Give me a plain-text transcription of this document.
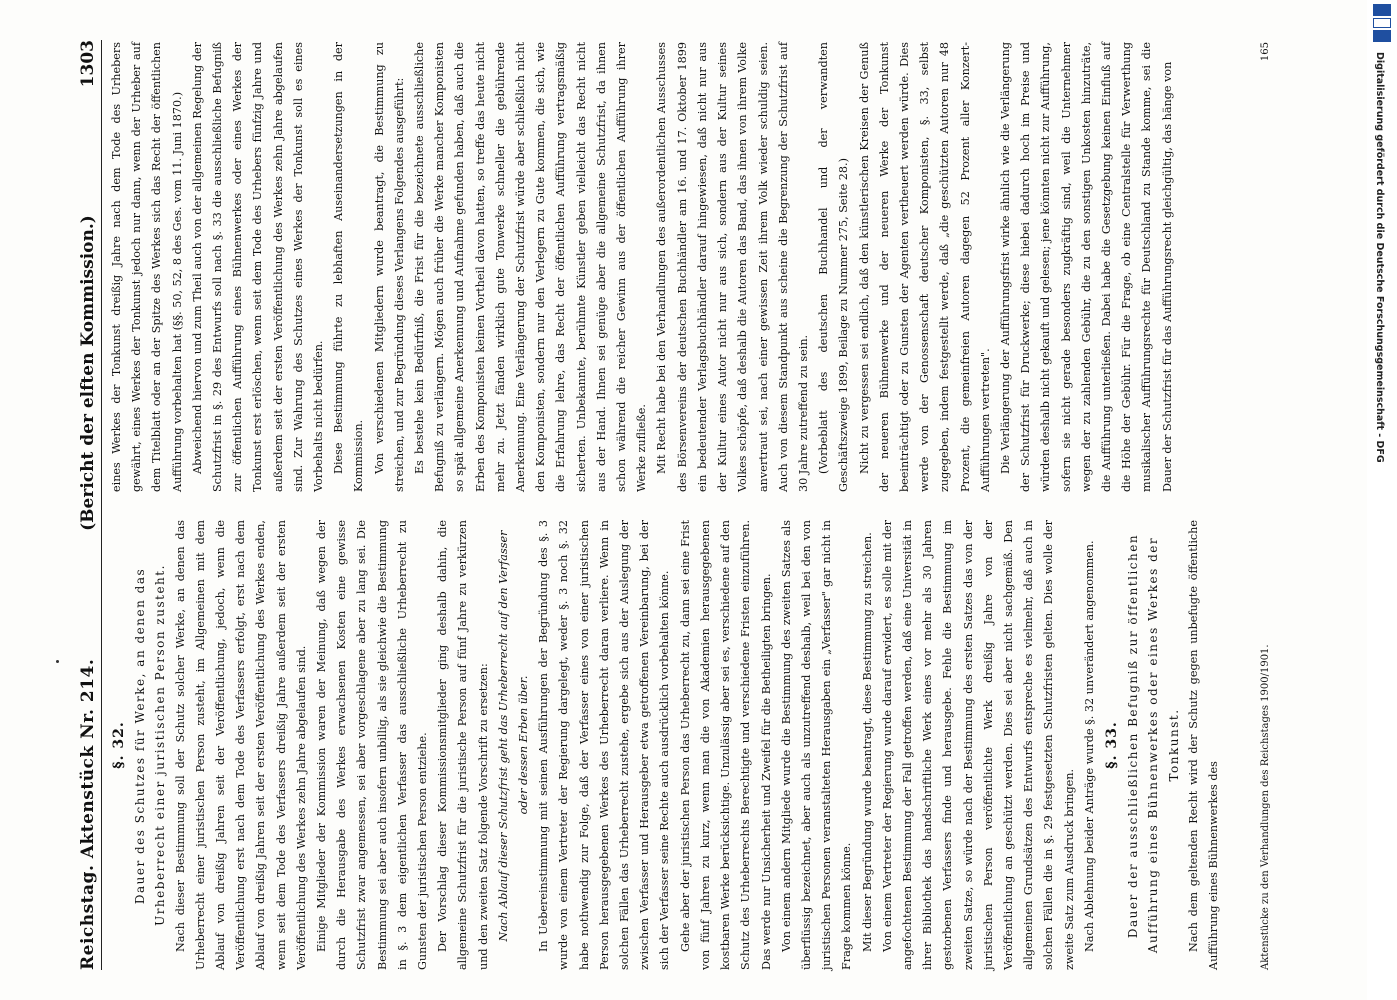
Reichstag. Aktenstück Nr. 214.
(Bericht der elften Kommission.)
1303
§. 32. Dauer des Schutzes für Werke, an denen das Urheberrecht einer juristischen Person zusteht. Nach dieser Bestimmung soll der Schutz solcher Werke, an denen das Urheberrecht einer juristischen Person zusteht, im Allgemeinen mit dem Ablauf von dreißig Jahren seit der Veröffentlichung, jedoch, wenn die Veröffentlichung erst nach dem Tode des Verfassers erfolgt, erst nach dem Ablauf von dreißig Jahren seit der ersten Veröffentlichung des Werkes enden, wenn seit dem Tode des Verfassers dreißig Jahre außerdem seit der ersten Veröffentlichung des Werkes zehn Jahre abgelaufen sind. Einige Mitglieder der Kommission waren der Meinung, daß wegen der durch die Herausgabe des Werkes erwachsenen Kosten eine gewisse Schutzfrist zwar angemessen, sei aber vorgeschlagene aber zu lang sei. Die Bestimmung sei aber auch insofern unbillig, als sie gleichwie die Bestimmung in §. 3 dem eigentlichen Verfasser das ausschließliche Urheberrecht zu Gunsten der juristischen Person entziehe. Der Vorschlag dieser Kommissionsmitglieder ging deshalb dahin, die allgemeine Schutzfrist für die juristische Person auf fünf Jahre zu verkürzen und den zweiten Satz folgende Vorschrift zu ersetzen: Nach Ablauf dieser Schutzfrist geht das Urheberrecht auf den Verfasser oder dessen Erben über. In Uebereinstimmung mit seinen Ausführungen der Begründung des §. 3 wurde von einem Vertreter der Regierung dargelegt, weder §. 3 noch §. 32 habe nothwendig zur Folge, daß der Verfasser eines von einer juristischen Person herausgegebenen Werkes des Urheberrecht daran verliere. Wenn in solchen Fällen das Urheberrecht zustehe, ergebe sich aus der Auslegung der zwischen Verfasser und Herausgeber etwa getroffenen Vereinbarung, bei der sich der Verfasser seine Rechte auch ausdrücklich vorbehalten könne. Gehe aber der juristischen Person das Urheberrecht zu, dann sei eine Frist von fünf Jahren zu kurz, wenn man die von Akademien herausgegebenen kostbaren Werke berücksichtige. Unzulässig aber sei es, verschiedene auf den Schutz des Urheberrechts Berechtigte und verschiedene Fristen einzuführen. Das werde nur Unsicherheit und Zweifel für die Betheiligten bringen. Von einem andern Mitgliede wurde die Bestimmung des zweiten Satzes als überflüssig bezeichnet, aber auch als unzutreffend deshalb, weil bei den von juristischen Personen veranstalteten Herausgaben ein „Verfasser" gar nicht in Frage kommen könne. Mit dieser Begründung wurde beantragt, diese Bestimmung zu streichen. Von einem Vertreter der Regierung wurde darauf erwidert, es solle mit der angefochtenen Bestimmung der Fall getroffen werden, daß eine Universität in ihrer Bibliothek das handschriftliche Werk eines vor mehr als 30 Jahren gestorbenen Verfassers finde und herausgebe. Fehle die Bestimmung im zweiten Satze, so würde nach der Bestimmung des ersten Satzes das von der juristischen Person veröffentlichte Werk dreißig Jahre von der Veröffentlichung an geschützt werden. Dies sei aber nicht sachgemäß. Den allgemeinen Grundsätzen des Entwurfs entspreche es vielmehr, daß auch in solchen Fällen die in §. 29 festgesetzten Schutzfristen gelten. Dies wolle der zweite Satz zum Ausdruck bringen. Nach Ablehnung beider Anträge wurde §. 32 unverändert angenommen. §. 33. Dauer der ausschließlichen Befugniß zur öffentlichen Aufführung eines Bühnenwerkes oder eines Werkes der Tonkunst. Nach dem geltenden Recht wird der Schutz gegen unbefugte öffentliche Aufführung eines Bühnenwerkes des

eines Werkes der Tonkunst dreißig Jahre nach dem Tode des Urhebers gewährt, eines Werkes der Tonkunst jedoch nur dann, wenn der Urheber auf dem Titelblatt oder an der Spitze des Werkes sich das Recht der öffentlichen Aufführung vorbehalten hat (§§. 50, 52, 8 des Ges. vom 11. Juni 1870.) Abweichend hiervon und zum Theil auch von der allgemeinen Regelung der Schutzfrist in §. 29 des Entwurfs soll nach §. 33 die ausschließliche Befugniß zur öffentlichen Aufführung eines Bühnenwerkes oder eines Werkes der Tonkunst erst erlöschen, wenn seit dem Tode des Urhebers fünfzig Jahre und außerdem seit der ersten Veröffentlichung des Werkes zehn Jahre abgelaufen sind. Zur Wahrung des Schutzes eines Werkes der Tonkunst soll es eines Vorbehalts nicht bedürfen. Diese Bestimmung führte zu lebhaften Auseinandersetzungen in der Kommission. Von verschiedenen Mitgliedern wurde beantragt, die Bestimmung zu streichen, und zur Begründung dieses Verlangens Folgendes ausgeführt: Es bestehe kein Bedürfniß, die Frist für die bezeichnete ausschließliche Befugniß zu verlängern. Mögen auch früher die Werke mancher Komponisten so spät allgemeine Anerkennung und Aufnahme gefunden haben, daß auch die Erben des Komponisten keinen Vortheil davon hatten, so treffe das heute nicht mehr zu. Jetzt fänden wirklich gute Tonwerke schneller die gebührende Anerkennung. Eine Verlängerung der Schutzfrist würde aber schließlich nicht den Komponisten, sondern nur den Verlegern zu Gute kommen, die sich, wie die Erfahrung lehre, das Recht der öffentlichen Aufführung vertragsmäßig sicherten. Unbekannte, berühmte Künstler geben vielleicht das Recht nicht aus der Hand. Ihnen sei genüge aber die allgemeine Schutzfrist, da ihnen schon während die reicher Gewinn aus der öffentlichen Aufführung ihrer Werke zufließe. Mit Recht habe bei den Verhandlungen des außerordentlichen Ausschusses des Börsenvereins der deutschen Buchhändler am 16. und 17. Oktober 1899 ein bedeutender Verlagsbuchhändler darauf hingewiesen, daß nicht nur aus der Kultur eines Autor nicht nur aus sich, sondern aus der Kultur seines Volkes schöpfe, daß deshalb die Autoren das Band, das ihnen von ihrem Volke anvertraut sei, nach einer gewissen Zeit ihrem Volk wieder schuldig seien. Auch von diesem Standpunkt aus scheine die Begrenzung der Schutzfrist auf 30 Jahre zutreffend zu sein. (Vorbeblatt des deutschen Buchhandel und der verwandten Geschäftszweige 1899, Beilage zu Nummer 275, Seite 28.) Nicht zu vergessen sei endlich, daß den künstlerischen Kreisen der Genuß der neueren Bühnenwerke und der neueren Werke der Tonkunst beeinträchtigt oder zu Gunsten der Agenten vertheuert werden würde. Dies werde von der Genossenschaft deutscher Komponisten, §. 33, selbst zugegeben, indem festgestellt werde, daß „die geschützten Autoren nur 48 Prozent, die gemeinfreien Autoren dagegen 52 Prozent aller Konzert-Aufführungen vertreten". Die Verlängerung der Aufführungsfrist wirke ähnlich wie die Verlängerung der Schutzfrist für Druckwerke; diese hiebei dadurch hoch im Preise und würden deshalb nicht gekauft und gelesen; jene könnten nicht zur Aufführung, sofern sie nicht gerade besonders zugkräftig sind, weil die Unternehmer wegen der zu zahlenden Gebühr, die zu den sonstigen Unkosten hinzuträte, die Aufführung unterließen. Dabei habe die Gesetzgebung keinen Einfluß auf die Höhe der Gebühr. Für die Frage, ob eine Centralstelle für Verwerthung musikalischer Aufführungsrechte für Deutschland zu Stande komme, sei die Dauer der Schutzfrist für das Aufführungsrecht gleichgültig, das hänge von

Aktenstücke zu den Verhandlungen des Reichstages 1900/1901.
165
Digitalisierung gefördert durch die Deutsche Forschungsgemeinschaft - DFG
